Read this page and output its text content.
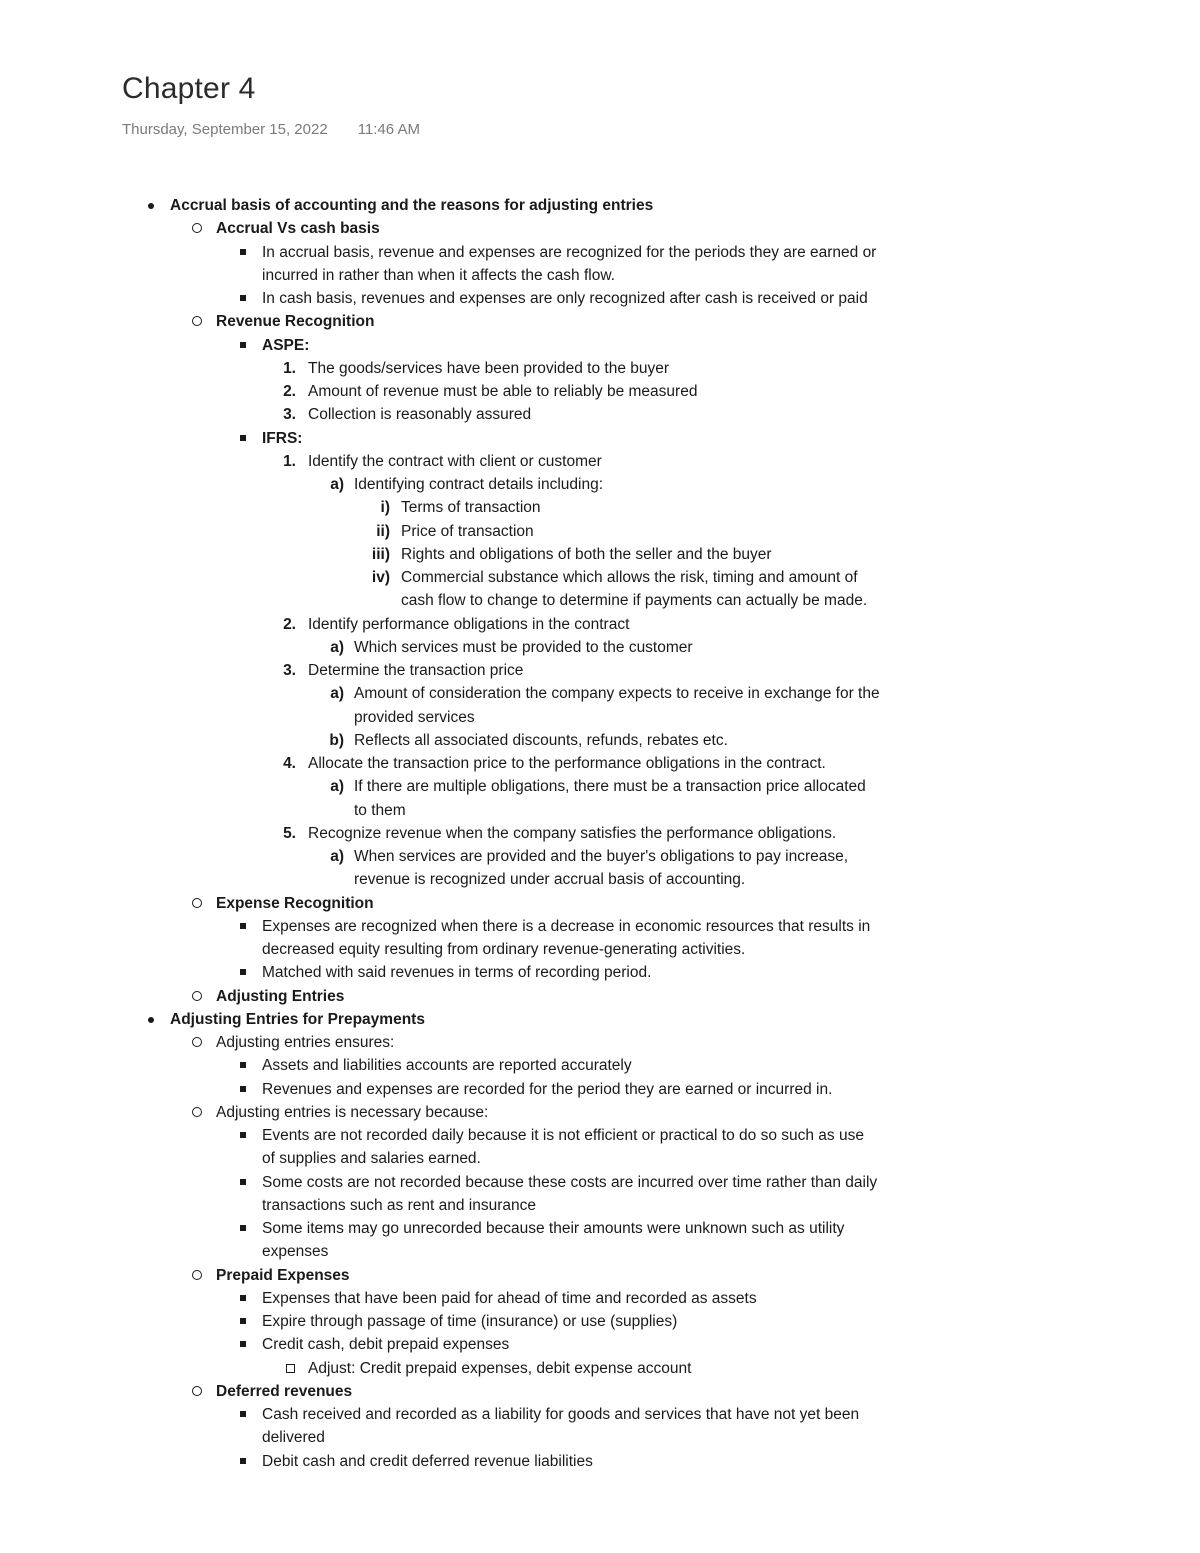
Chapter 4
Thursday, September 15, 2022 11:46 AM
Accrual basis of accounting and the reasons for adjusting entries
Accrual Vs cash basis
In accrual basis, revenue and expenses are recognized for the periods they are earned or
incurred in rather than when it affects the cash flow.
In cash basis, revenues and expenses are only recognized after cash is received or paid
Revenue Recognition
ASPE:
1. The goods/services have been provided to the buyer
2. Amount of revenue must be able to reliably be measured
3. Collection is reasonably assured
IFRS:
1. Identify the contract with client or customer
a) Identifying contract details including:
i) Terms of transaction
ii) Price of transaction
iii) Rights and obligations of both the seller and the buyer
iv) Commercial substance which allows the risk, timing and amount of
cash flow to change to determine if payments can actually be made.
2. Identify performance obligations in the contract
a) Which services must be provided to the customer
3. Determine the transaction price
a) Amount of consideration the company expects to receive in exchange for the
provided services
b) Reflects all associated discounts, refunds, rebates etc.
4. Allocate the transaction price to the performance obligations in the contract.
a) If there are multiple obligations, there must be a transaction price allocated
to them
5. Recognize revenue when the company satisfies the performance obligations.
a) When services are provided and the buyer's obligations to pay increase,
revenue is recognized under accrual basis of accounting.
Expense Recognition
Expenses are recognized when there is a decrease in economic resources that results in
decreased equity resulting from ordinary revenue-generating activities.
Matched with said revenues in terms of recording period.
Adjusting Entries
Adjusting Entries for Prepayments
Adjusting entries ensures:
Assets and liabilities accounts are reported accurately
Revenues and expenses are recorded for the period they are earned or incurred in.
Adjusting entries is necessary because:
Events are not recorded daily because it is not efficient or practical to do so such as use
of supplies and salaries earned.
Some costs are not recorded because these costs are incurred over time rather than daily
transactions such as rent and insurance
Some items may go unrecorded because their amounts were unknown such as utility
expenses
Prepaid Expenses
Expenses that have been paid for ahead of time and recorded as assets
Expire through passage of time (insurance) or use (supplies)
Credit cash, debit prepaid expenses
Adjust: Credit prepaid expenses, debit expense account
Deferred revenues
Cash received and recorded as a liability for goods and services that have not yet been
delivered
Debit cash and credit deferred revenue liabilities
